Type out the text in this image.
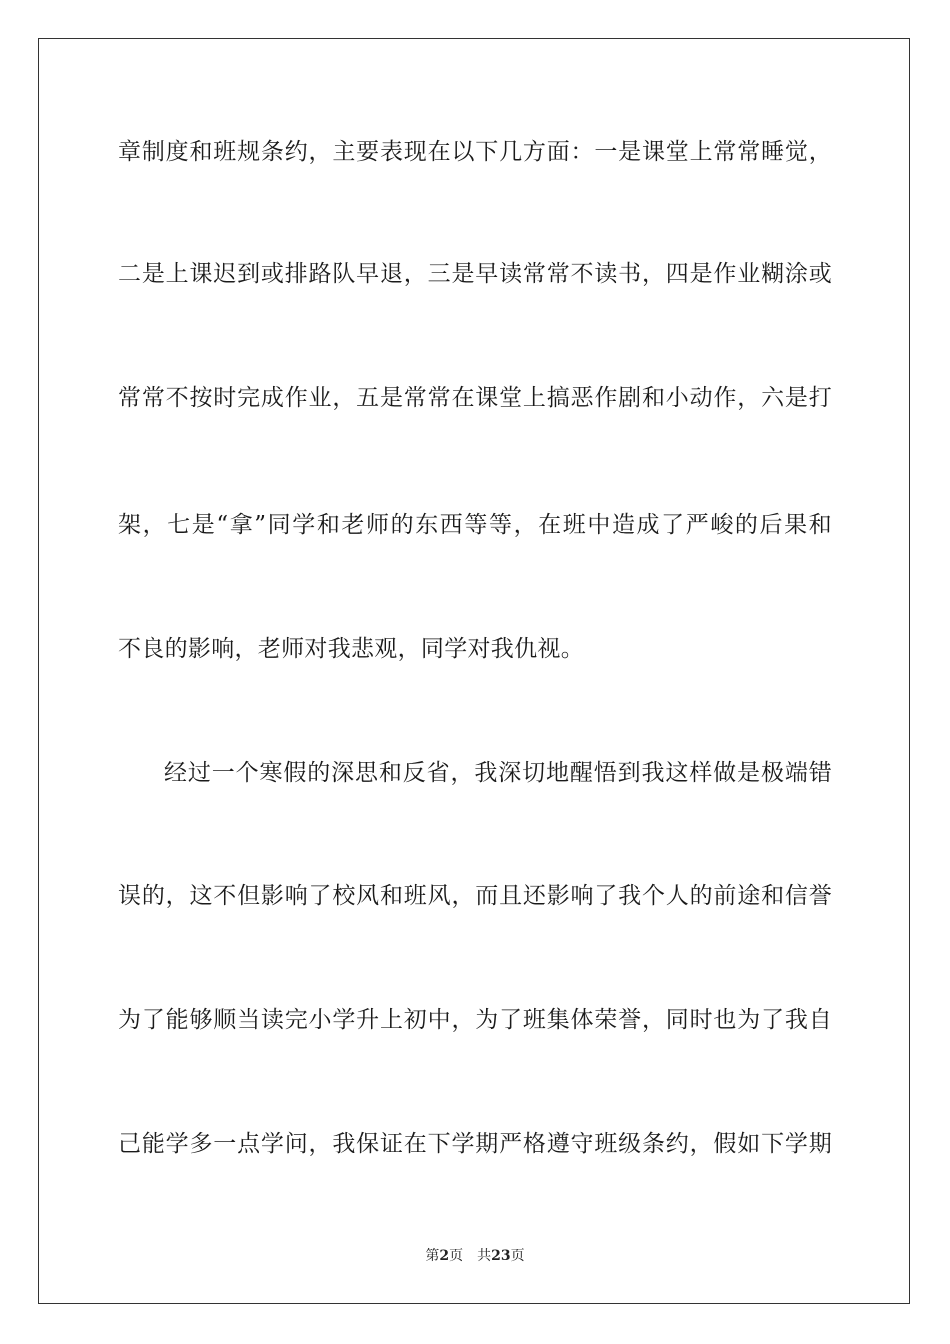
章制度和班规条约，主要表现在以下几方面：一是课堂上常常睡觉，
二是上课迟到或排路队早退，三是早读常常不读书，四是作业糊涂或
常常不按时完成作业，五是常常在课堂上搞恶作剧和小动作，六是打
架，七是“拿”同学和老师的东西等等，在班中造成了严峻的后果和
不良的影响，老师对我悲观，同学对我仇视。
经过一个寒假的深思和反省，我深切地醒悟到我这样做是极端错
误的，这不但影响了校风和班风，而且还影响了我个人的前途和信誉
为了能够顺当读完小学升上初中，为了班集体荣誉，同时也为了我自
己能学多一点学问，我保证在下学期严格遵守班级条约，假如下学期
第2页 共23页
